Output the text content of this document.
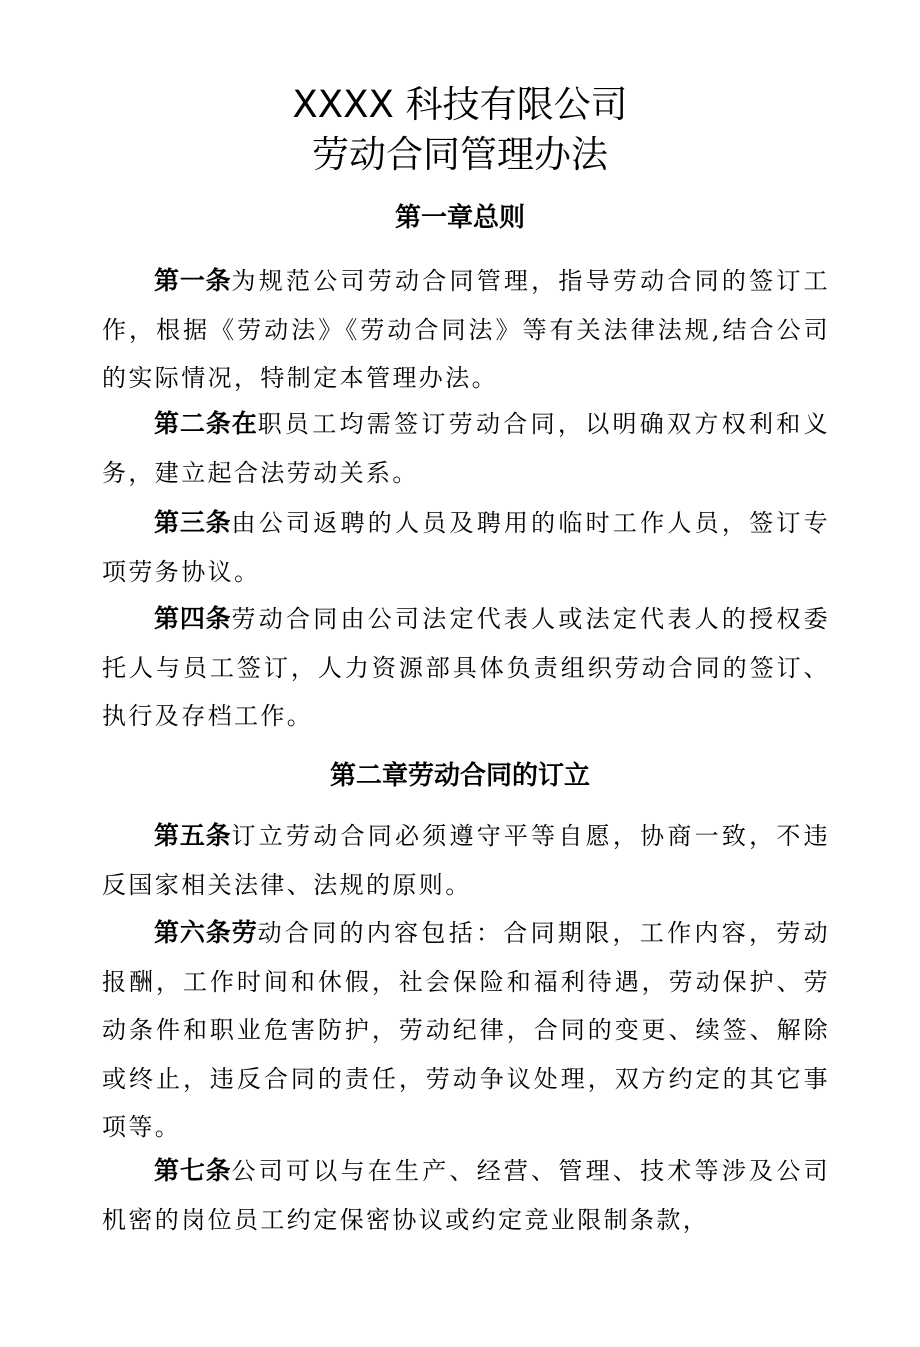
XXXX 科技有限公司
劳动合同管理办法
第一章总则

第一条为规范公司劳动合同管理，指导劳动合同的签订工作，根据《劳动法》《劳动合同法》等有关法律法规,结合公司的实际情况，特制定本管理办法。

第二条在职员工均需签订劳动合同，以明确双方权利和义务，建立起合法劳动关系。

第三条由公司返聘的人员及聘用的临时工作人员，签订专项劳务协议。

第四条劳动合同由公司法定代表人或法定代表人的授权委托人与员工签订，人力资源部具体负责组织劳动合同的签订、执行及存档工作。

第二章劳动合同的订立

第五条订立劳动合同必须遵守平等自愿，协商一致，不违反国家相关法律、法规的原则。

第六条劳动合同的内容包括：合同期限，工作内容，劳动报酬，工作时间和休假，社会保险和福利待遇，劳动保护、劳动条件和职业危害防护，劳动纪律，合同的变更、续签、解除或终止，违反合同的责任，劳动争议处理，双方约定的其它事项等。

第七条公司可以与在生产、经营、管理、技术等涉及公司机密的岗位员工约定保密协议或约定竞业限制条款，
